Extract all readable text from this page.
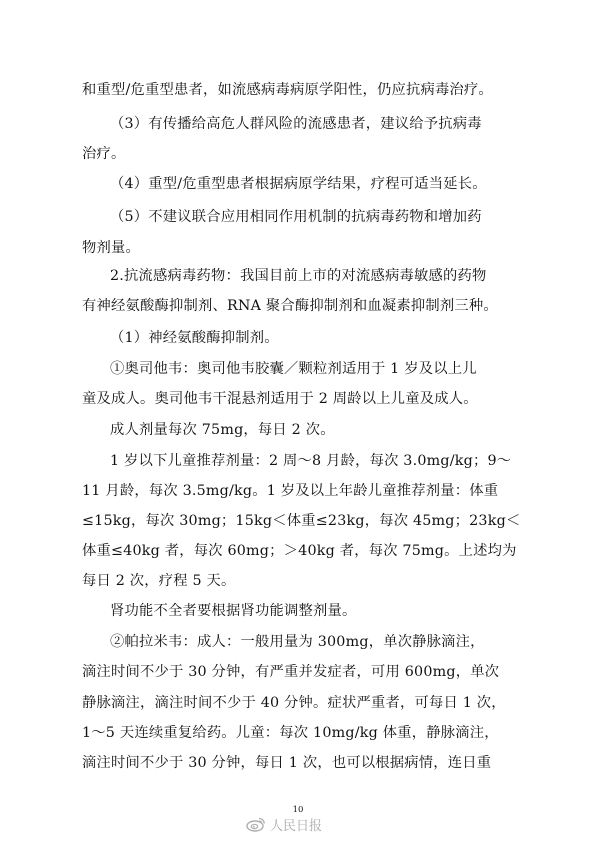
和重型/危重型患者，如流感病毒病原学阳性，仍应抗病毒治疗。
（3）有传播给高危人群风险的流感患者，建议给予抗病毒
治疗。
（4）重型/危重型患者根据病原学结果，疗程可适当延长。
（5）不建议联合应用相同作用机制的抗病毒药物和增加药
物剂量。
2.抗流感病毒药物：我国目前上市的对流感病毒敏感的药物
有神经氨酸酶抑制剂、RNA 聚合酶抑制剂和血凝素抑制剂三种。
（1）神经氨酸酶抑制剂。
①奥司他韦：奥司他韦胶囊／颗粒剂适用于 1 岁及以上儿
童及成人。奥司他韦干混悬剂适用于 2 周龄以上儿童及成人。
成人剂量每次 75mg，每日 2 次。
1 岁以下儿童推荐剂量：2 周～8 月龄，每次 3.0mg/kg；9～
11 月龄，每次 3.5mg/kg。1 岁及以上年龄儿童推荐剂量：体重
≤15kg，每次 30mg；15kg＜体重≤23kg，每次 45mg；23kg＜
体重≤40kg 者，每次 60mg；＞40kg 者，每次 75mg。上述均为
每日 2 次，疗程 5 天。
肾功能不全者要根据肾功能调整剂量。
②帕拉米韦：成人：一般用量为 300mg，单次静脉滴注，
滴注时间不少于 30 分钟，有严重并发症者，可用 600mg，单次
静脉滴注，滴注时间不少于 40 分钟。症状严重者，可每日 1 次，
1～5 天连续重复给药。儿童：每次 10mg/kg 体重，静脉滴注，
滴注时间不少于 30 分钟，每日 1 次，也可以根据病情，连日重
10
人民日报
